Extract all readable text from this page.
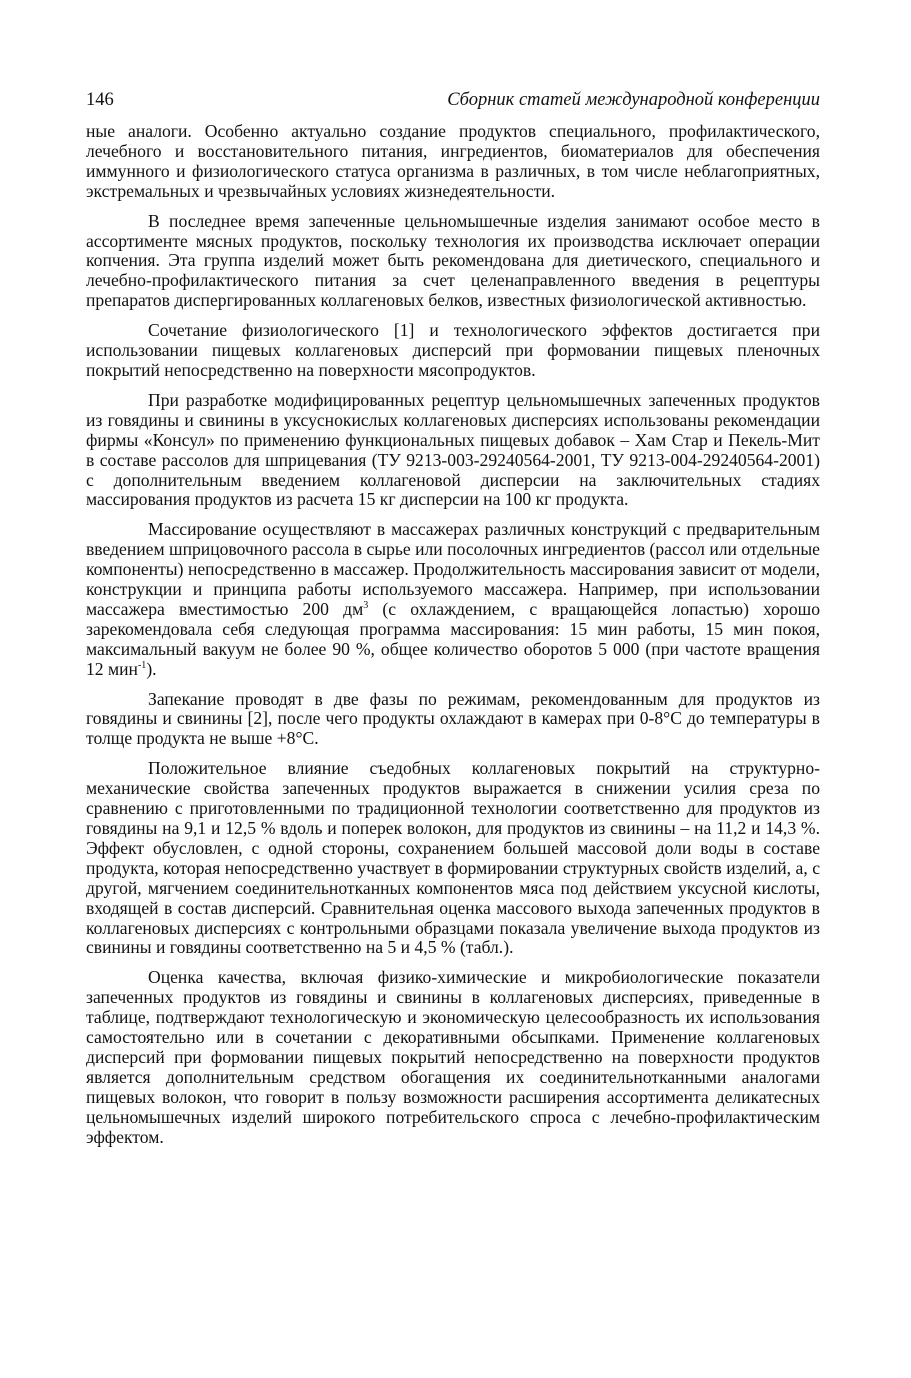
146	Сборник статей международной конференции

ные аналоги. Особенно актуально создание продуктов специального, профилактического, лечебного и восстановительного питания, ингредиентов, биоматериалов для обеспечения иммунного и физиологического статуса организма в различных, в том числе неблагоприятных, экстремальных и чрезвычайных условиях жизнедеятельности.

В последнее время запеченные цельномышечные изделия занимают особое место в ассортименте мясных продуктов, поскольку технология их производства исключает операции копчения. Эта группа изделий может быть рекомендована для диетического, специального и лечебно-профилактического питания за счет целенаправленного введения в рецептуры препаратов диспергированных коллагеновых белков, известных физиологической активностью.

Сочетание физиологического [1] и технологического эффектов достигается при использовании пищевых коллагеновых дисперсий при формовании пищевых пленочных покрытий непосредственно на поверхности мясопродуктов.

При разработке модифицированных рецептур цельномышечных запеченных продуктов из говядины и свинины в уксуснокислых коллагеновых дисперсиях использованы рекомендации фирмы «Консул» по применению функциональных пищевых добавок – Хам Стар и Пекель-Мит в составе рассолов для шприцевания (ТУ 9213-003-29240564-2001, ТУ 9213-004-29240564-2001) с дополнительным введением коллагеновой дисперсии на заключительных стадиях массирования продуктов из расчета 15 кг дисперсии на 100 кг продукта.

Массирование осуществляют в массажерах различных конструкций с предварительным введением шприцовочного рассола в сырье или посолочных ингредиентов (рассол или отдельные компоненты) непосредственно в массажер. Продолжительность массирования зависит от модели, конструкции и принципа работы используемого массажера. Например, при использовании массажера вместимостью 200 $дм^3$ (с охлаждением, с вращающейся лопастью) хорошо зарекомендовала себя следующая программа массирования: 15 мин работы, 15 мин покоя, максимальный вакуум не более 90 %, общее количество оборотов 5 000 (при частоте вращения 12 мин$^{-1}$).

Запекание проводят в две фазы по режимам, рекомендованным для продуктов из говядины и свинины [2], после чего продукты охлаждают в камерах при 0-8°С до температуры в толще продукта не выше +8°С.

Положительное влияние съедобных коллагеновых покрытий на структурно-механические свойства запеченных продуктов выражается в снижении усилия среза по сравнению с приготовленными по традиционной технологии соответственно для продуктов из говядины на 9,1 и 12,5 % вдоль и поперек волокон, для продуктов из свинины – на 11,2 и 14,3 %. Эффект обусловлен, с одной стороны, сохранением большей массовой доли воды в составе продукта, которая непосредственно участвует в формировании структурных свойств изделий, а, с другой, мягчением соединительнотканных компонентов мяса под действием уксусной кислоты, входящей в состав дисперсий. Сравнительная оценка массового выхода запеченных продуктов в коллагеновых дисперсиях с контрольными образцами показала увеличение выхода продуктов из свинины и говядины соответственно на 5 и 4,5 % (табл.).

Оценка качества, включая физико-химические и микробиологические показатели запеченных продуктов из говядины и свинины в коллагеновых дисперсиях, приведенные в таблице, подтверждают технологическую и экономическую целесообразность их использования самостоятельно или в сочетании с декоративными обсыпками. Применение коллагеновых дисперсий при формовании пищевых покрытий непосредственно на поверхности продуктов является дополнительным средством обогащения их соединительнотканными аналогами пищевых волокон, что говорит в пользу возможности расширения ассортимента деликатесных цельномышечных изделий широкого потребительского спроса с лечебно-профилактическим эффектом.
